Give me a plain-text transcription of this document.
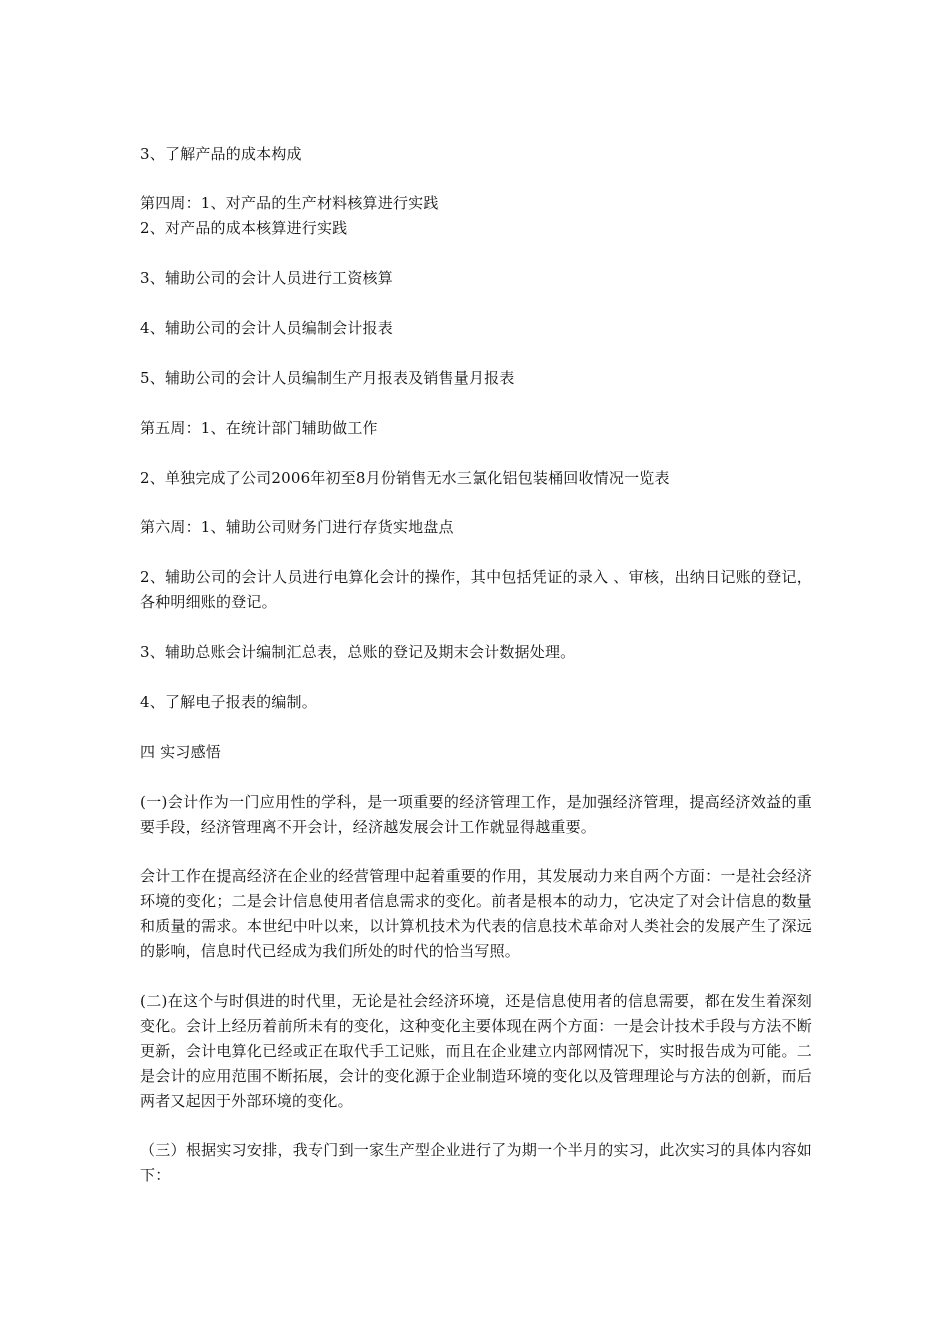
3、了解产品的成本构成
第四周：1、对产品的生产材料核算进行实践
2、对产品的成本核算进行实践
3、辅助公司的会计人员进行工资核算
4、辅助公司的会计人员编制会计报表
5、辅助公司的会计人员编制生产月报表及销售量月报表
第五周：1、在统计部门辅助做工作
2、单独完成了公司2006年初至8月份销售无水三氯化铝包装桶回收情况一览表
第六周：1、辅助公司财务门进行存货实地盘点
2、辅助公司的会计人员进行电算化会计的操作，其中包括凭证的录入 、审核，出纳日记账的登记，各种明细账的登记。
3、辅助总账会计编制汇总表，总账的登记及期末会计数据处理。
4、了解电子报表的编制。
四 实习感悟
(一)会计作为一门应用性的学科，是一项重要的经济管理工作，是加强经济管理，提高经济效益的重要手段，经济管理离不开会计，经济越发展会计工作就显得越重要。
会计工作在提高经济在企业的经营管理中起着重要的作用，其发展动力来自两个方面：一是社会经济环境的变化；二是会计信息使用者信息需求的变化。前者是根本的动力，它决定了对会计信息的数量和质量的需求。本世纪中叶以来，以计算机技术为代表的信息技术革命对人类社会的发展产生了深远的影响，信息时代已经成为我们所处的时代的恰当写照。
(二)在这个与时俱进的时代里，无论是社会经济环境，还是信息使用者的信息需要，都在发生着深刻变化。会计上经历着前所未有的变化，这种变化主要体现在两个方面：一是会计技术手段与方法不断更新，会计电算化已经或正在取代手工记账，而且在企业建立内部网情况下，实时报告成为可能。二是会计的应用范围不断拓展，会计的变化源于企业制造环境的变化以及管理理论与方法的创新，而后两者又起因于外部环境的变化。
（三）根据实习安排，我专门到一家生产型企业进行了为期一个半月的实习，此次实习的具体内容如下：
